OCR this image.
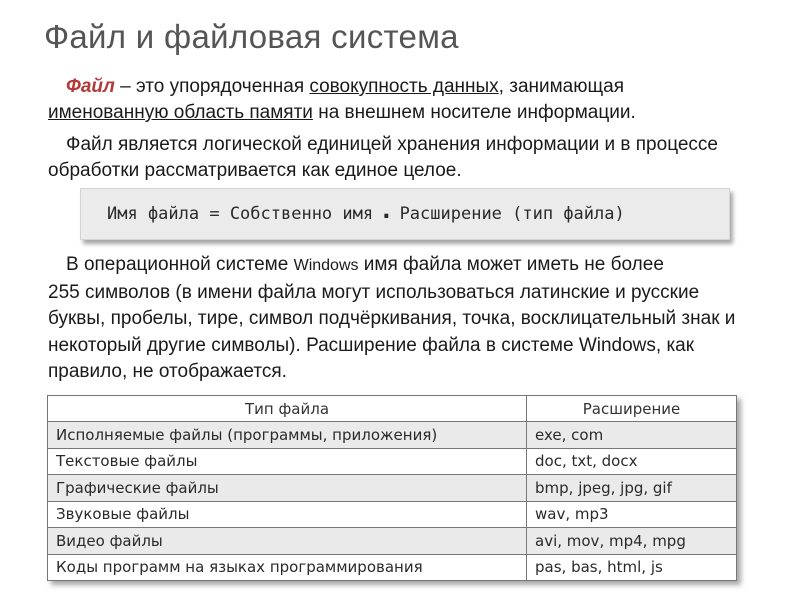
Файл и файловая система
Файл – это упорядоченная совокупность данных, занимающая именованную область памяти на внешнем носителе информации.
Файл является логической единицей хранения информации и в процессе обработки рассматривается как единое целое.
Имя файла = Собственно имя . Расширение (тип файла)
В операционной системе Windows имя файла может иметь не более
255 символов (в имени файла могут использоваться латинские и русские буквы, пробелы, тире, символ подчёркивания, точка, восклицательный знак и некоторый другие символы). Расширение файла в системе Windows, как правило, не отображается.
Тип файла	Расширение
Исполняемые файлы (программы, приложения)	exe, com
Текстовые файлы	doc, txt, docx
Графические файлы	bmp, jpeg, jpg, gif
Звуковые файлы	wav, mp3
Видео файлы	avi, mov, mp4, mpg
Коды программ на языках программирования	pas, bas, html, js
